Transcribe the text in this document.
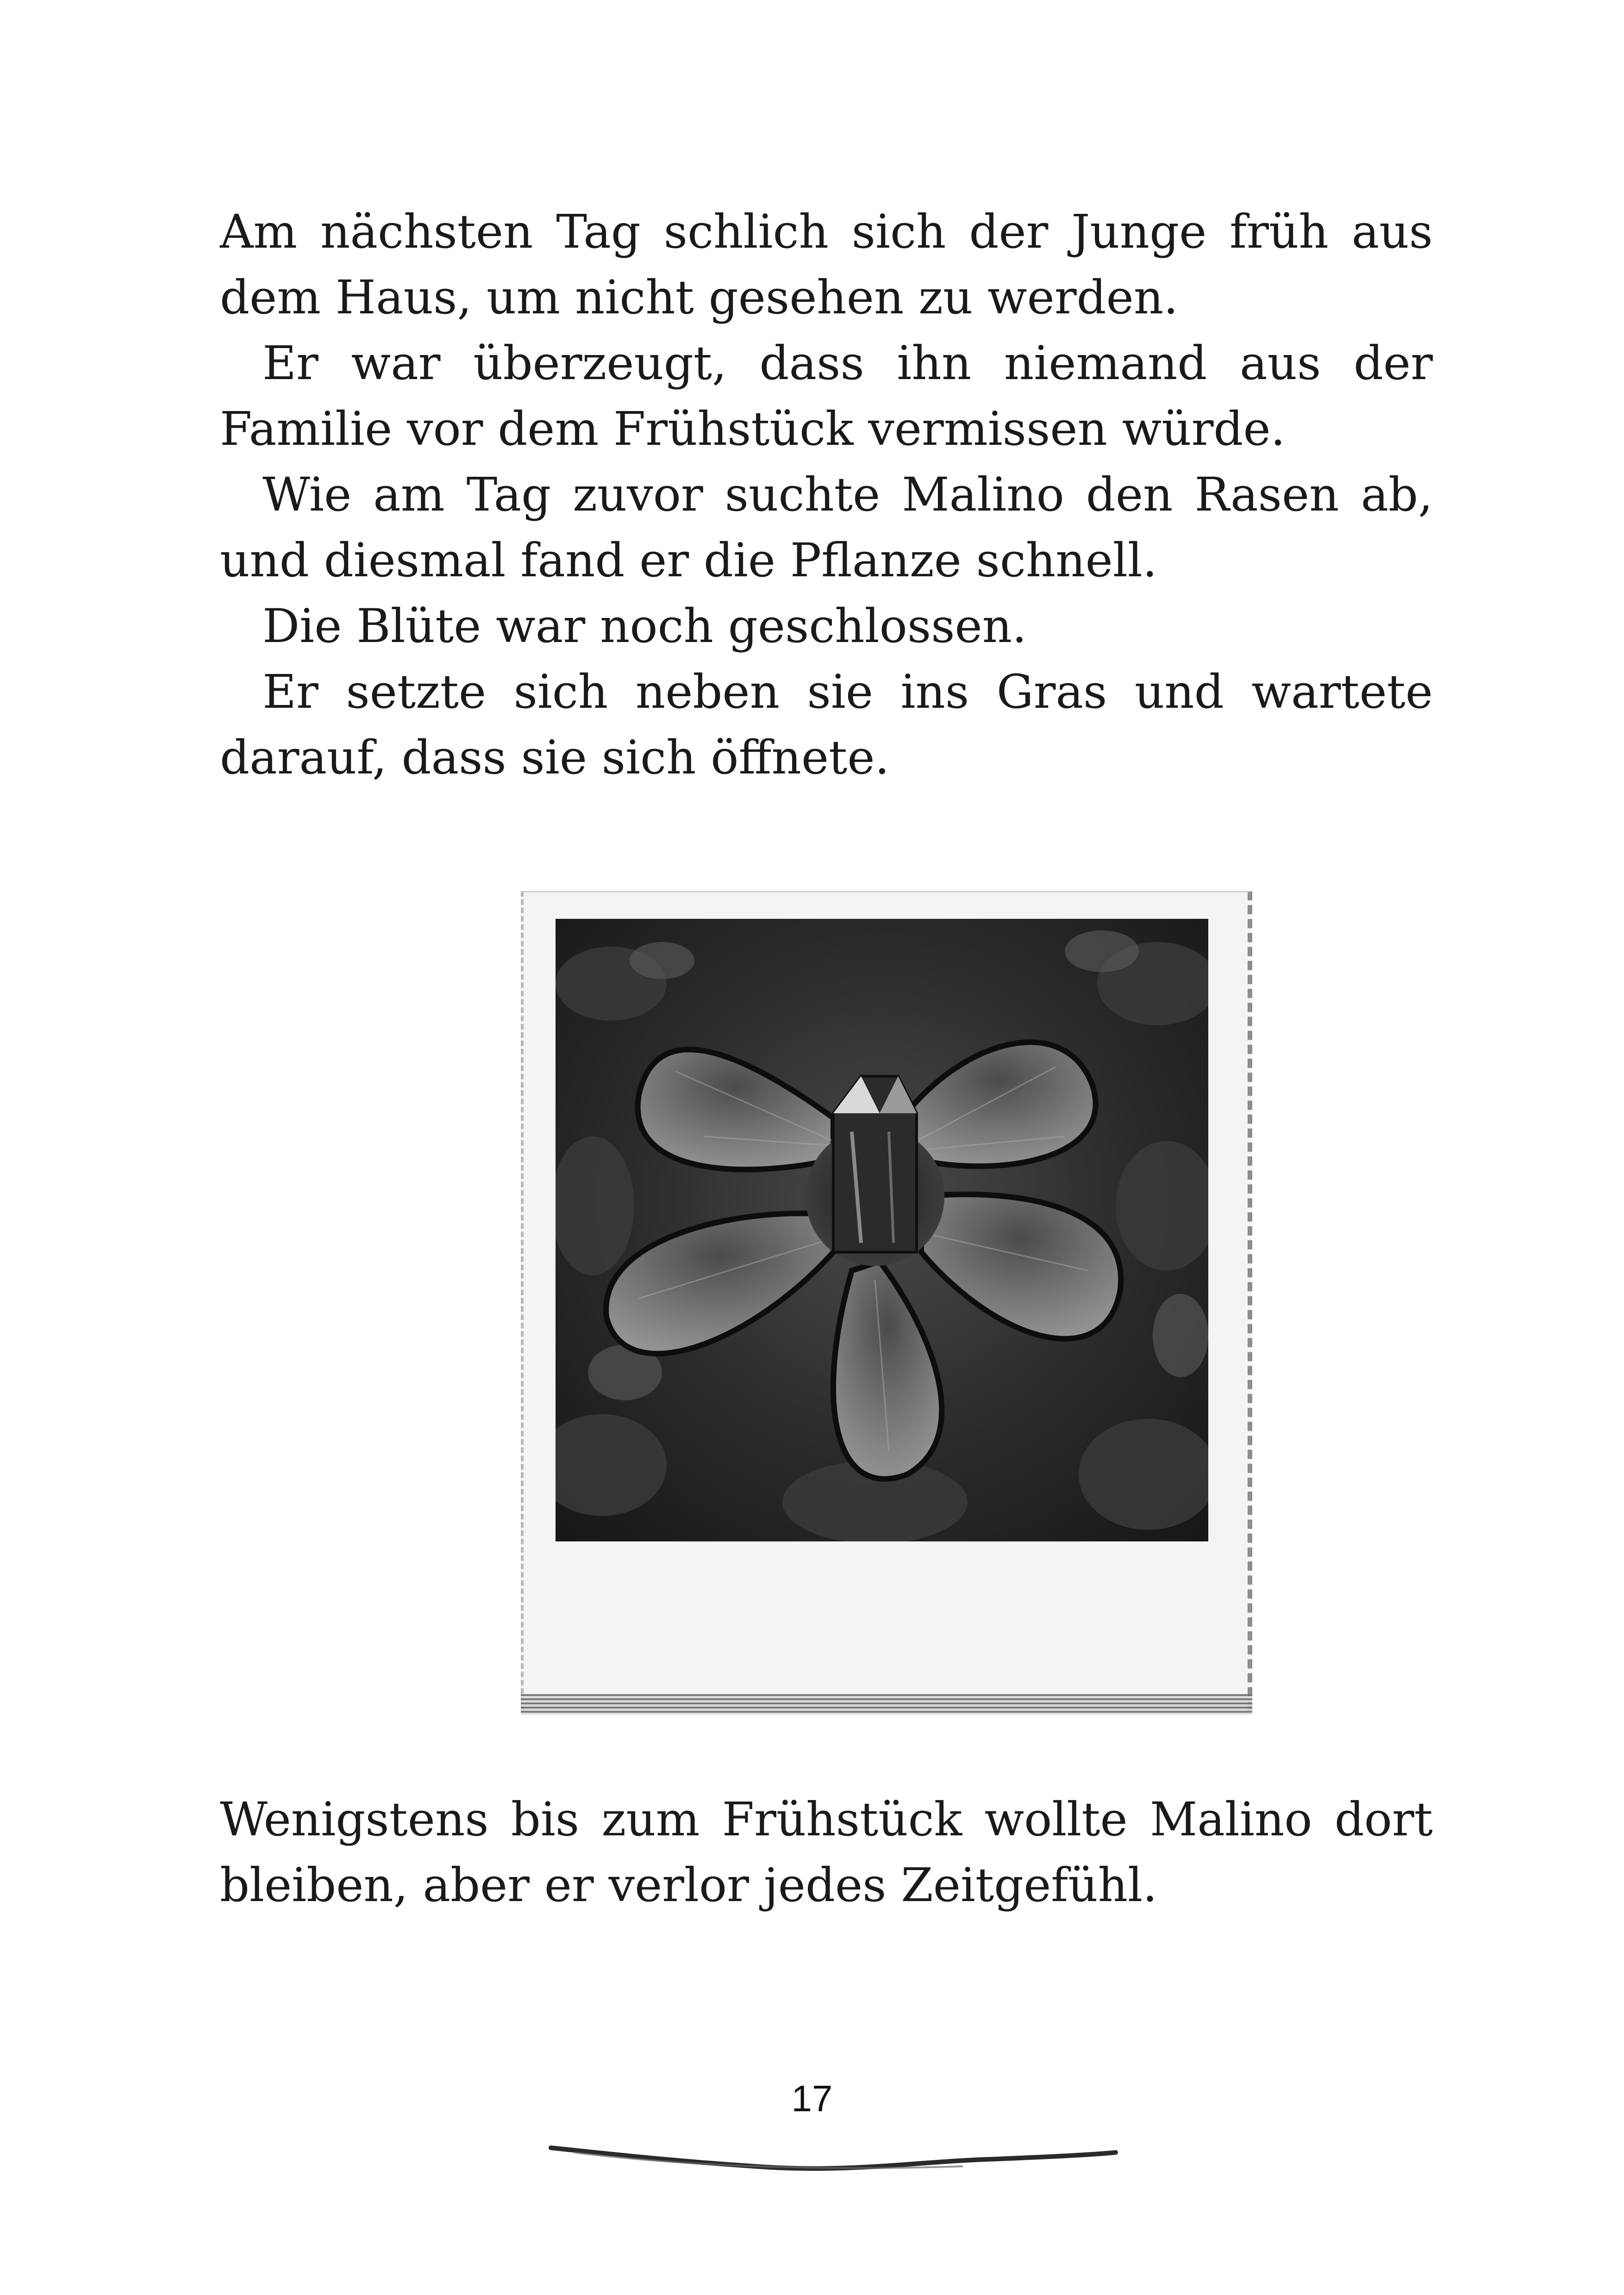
Am nächsten Tag schlich sich der Junge früh aus dem Haus, um nicht gesehen zu werden.

Er war überzeugt, dass ihn niemand aus der Familie vor dem Frühstück vermissen würde.

Wie am Tag zuvor suchte Malino den Rasen ab, und diesmal fand er die Pflanze schnell.

Die Blüte war noch geschlossen.

Er setzte sich neben sie ins Gras und wartete darauf, dass sie sich öffnete.

Wenigstens bis zum Frühstück wollte Malino dort bleiben, aber er verlor jedes Zeitgefühl.

17
